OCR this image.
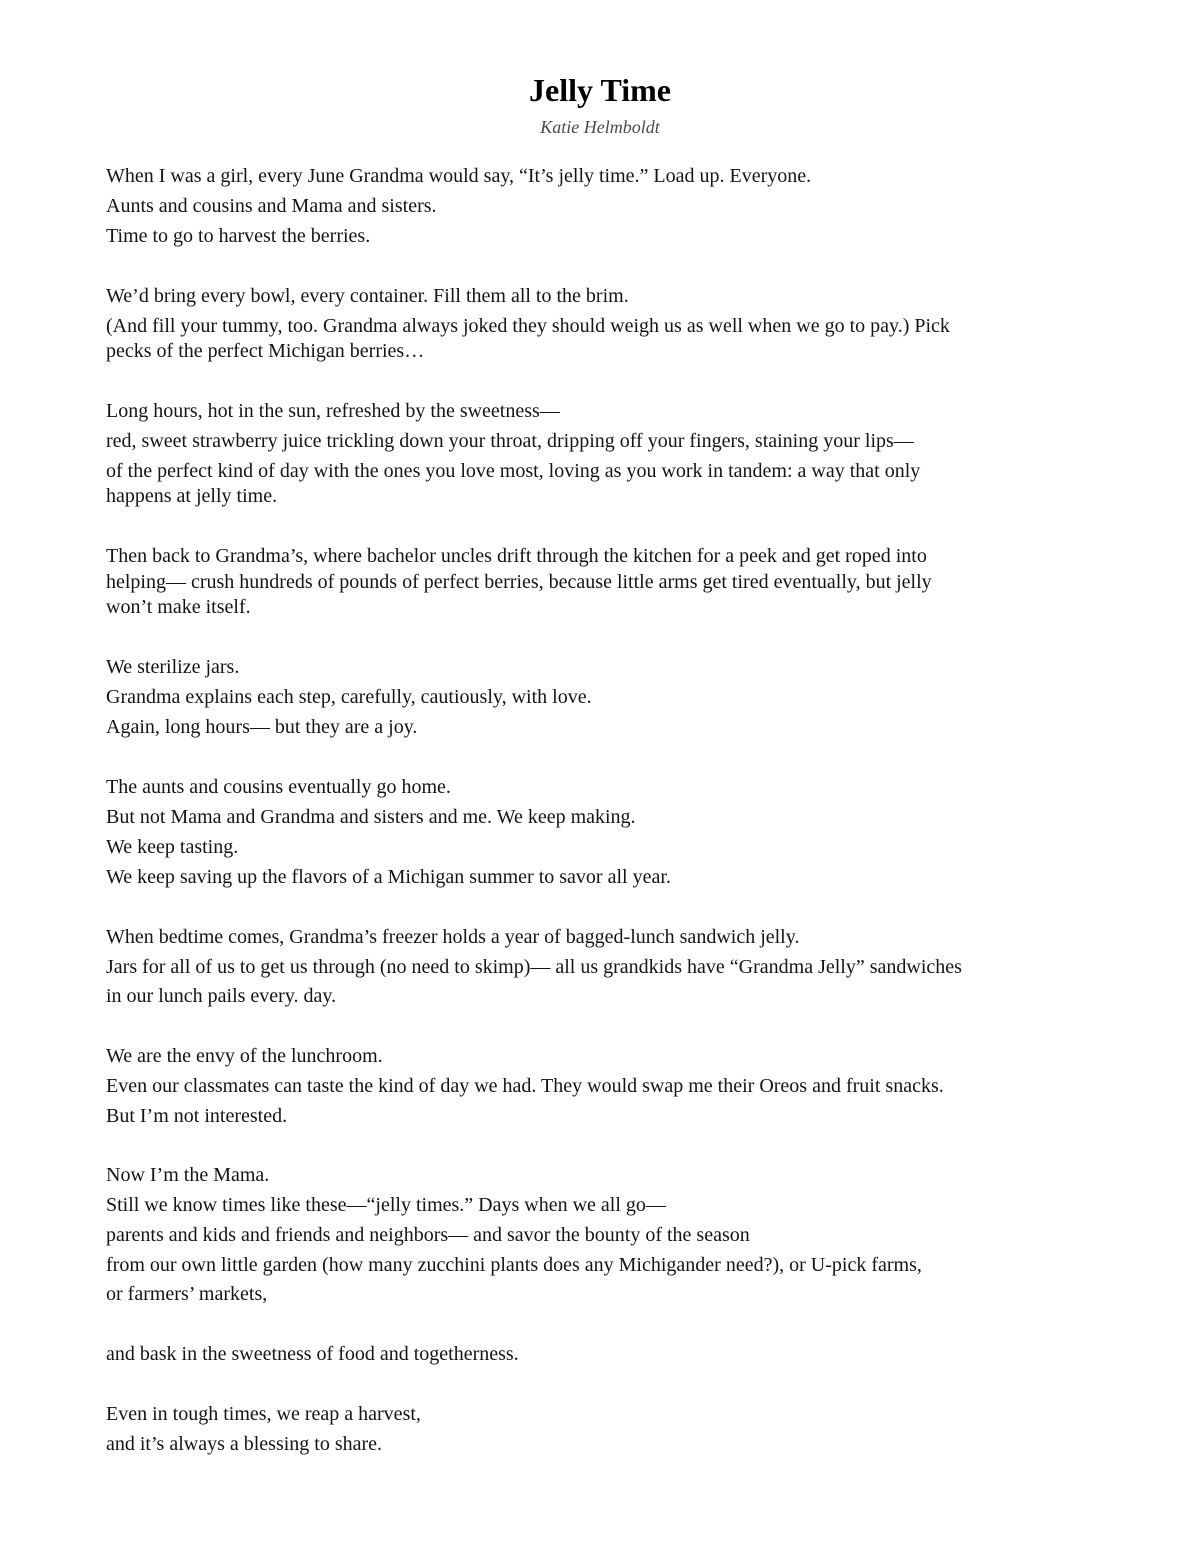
Jelly Time
Katie Helmboldt
When I was a girl, every June Grandma would say, “It’s jelly time.” Load up. Everyone.
Aunts and cousins and Mama and sisters.
Time to go to harvest the berries.
We’d bring every bowl, every container. Fill them all to the brim.
(And fill your tummy, too. Grandma always joked they should weigh us as well when we go to pay.) Pick
pecks of the perfect Michigan berries…
Long hours, hot in the sun, refreshed by the sweetness—
red, sweet strawberry juice trickling down your throat, dripping off your fingers, staining your lips—
of the perfect kind of day with the ones you love most, loving as you work in tandem: a way that only
happens at jelly time.
Then back to Grandma’s, where bachelor uncles drift through the kitchen for a peek and get roped into
helping— crush hundreds of pounds of perfect berries, because little arms get tired eventually, but jelly
won’t make itself.
We sterilize jars.
Grandma explains each step, carefully, cautiously, with love.
Again, long hours— but they are a joy.
The aunts and cousins eventually go home.
But not Mama and Grandma and sisters and me. We keep making.
We keep tasting.
We keep saving up the flavors of a Michigan summer to savor all year.
When bedtime comes, Grandma’s freezer holds a year of bagged-lunch sandwich jelly.
Jars for all of us to get us through (no need to skimp)— all us grandkids have “Grandma Jelly” sandwiches
in our lunch pails every. day.
We are the envy of the lunchroom.
Even our classmates can taste the kind of day we had. They would swap me their Oreos and fruit snacks.
But I’m not interested.
Now I’m the Mama.
Still we know times like these—“jelly times.” Days when we all go—
parents and kids and friends and neighbors— and savor the bounty of the season
from our own little garden (how many zucchini plants does any Michigander need?), or U-pick farms,
or farmers’ markets,
and bask in the sweetness of food and togetherness.
Even in tough times, we reap a harvest,
and it’s always a blessing to share.
